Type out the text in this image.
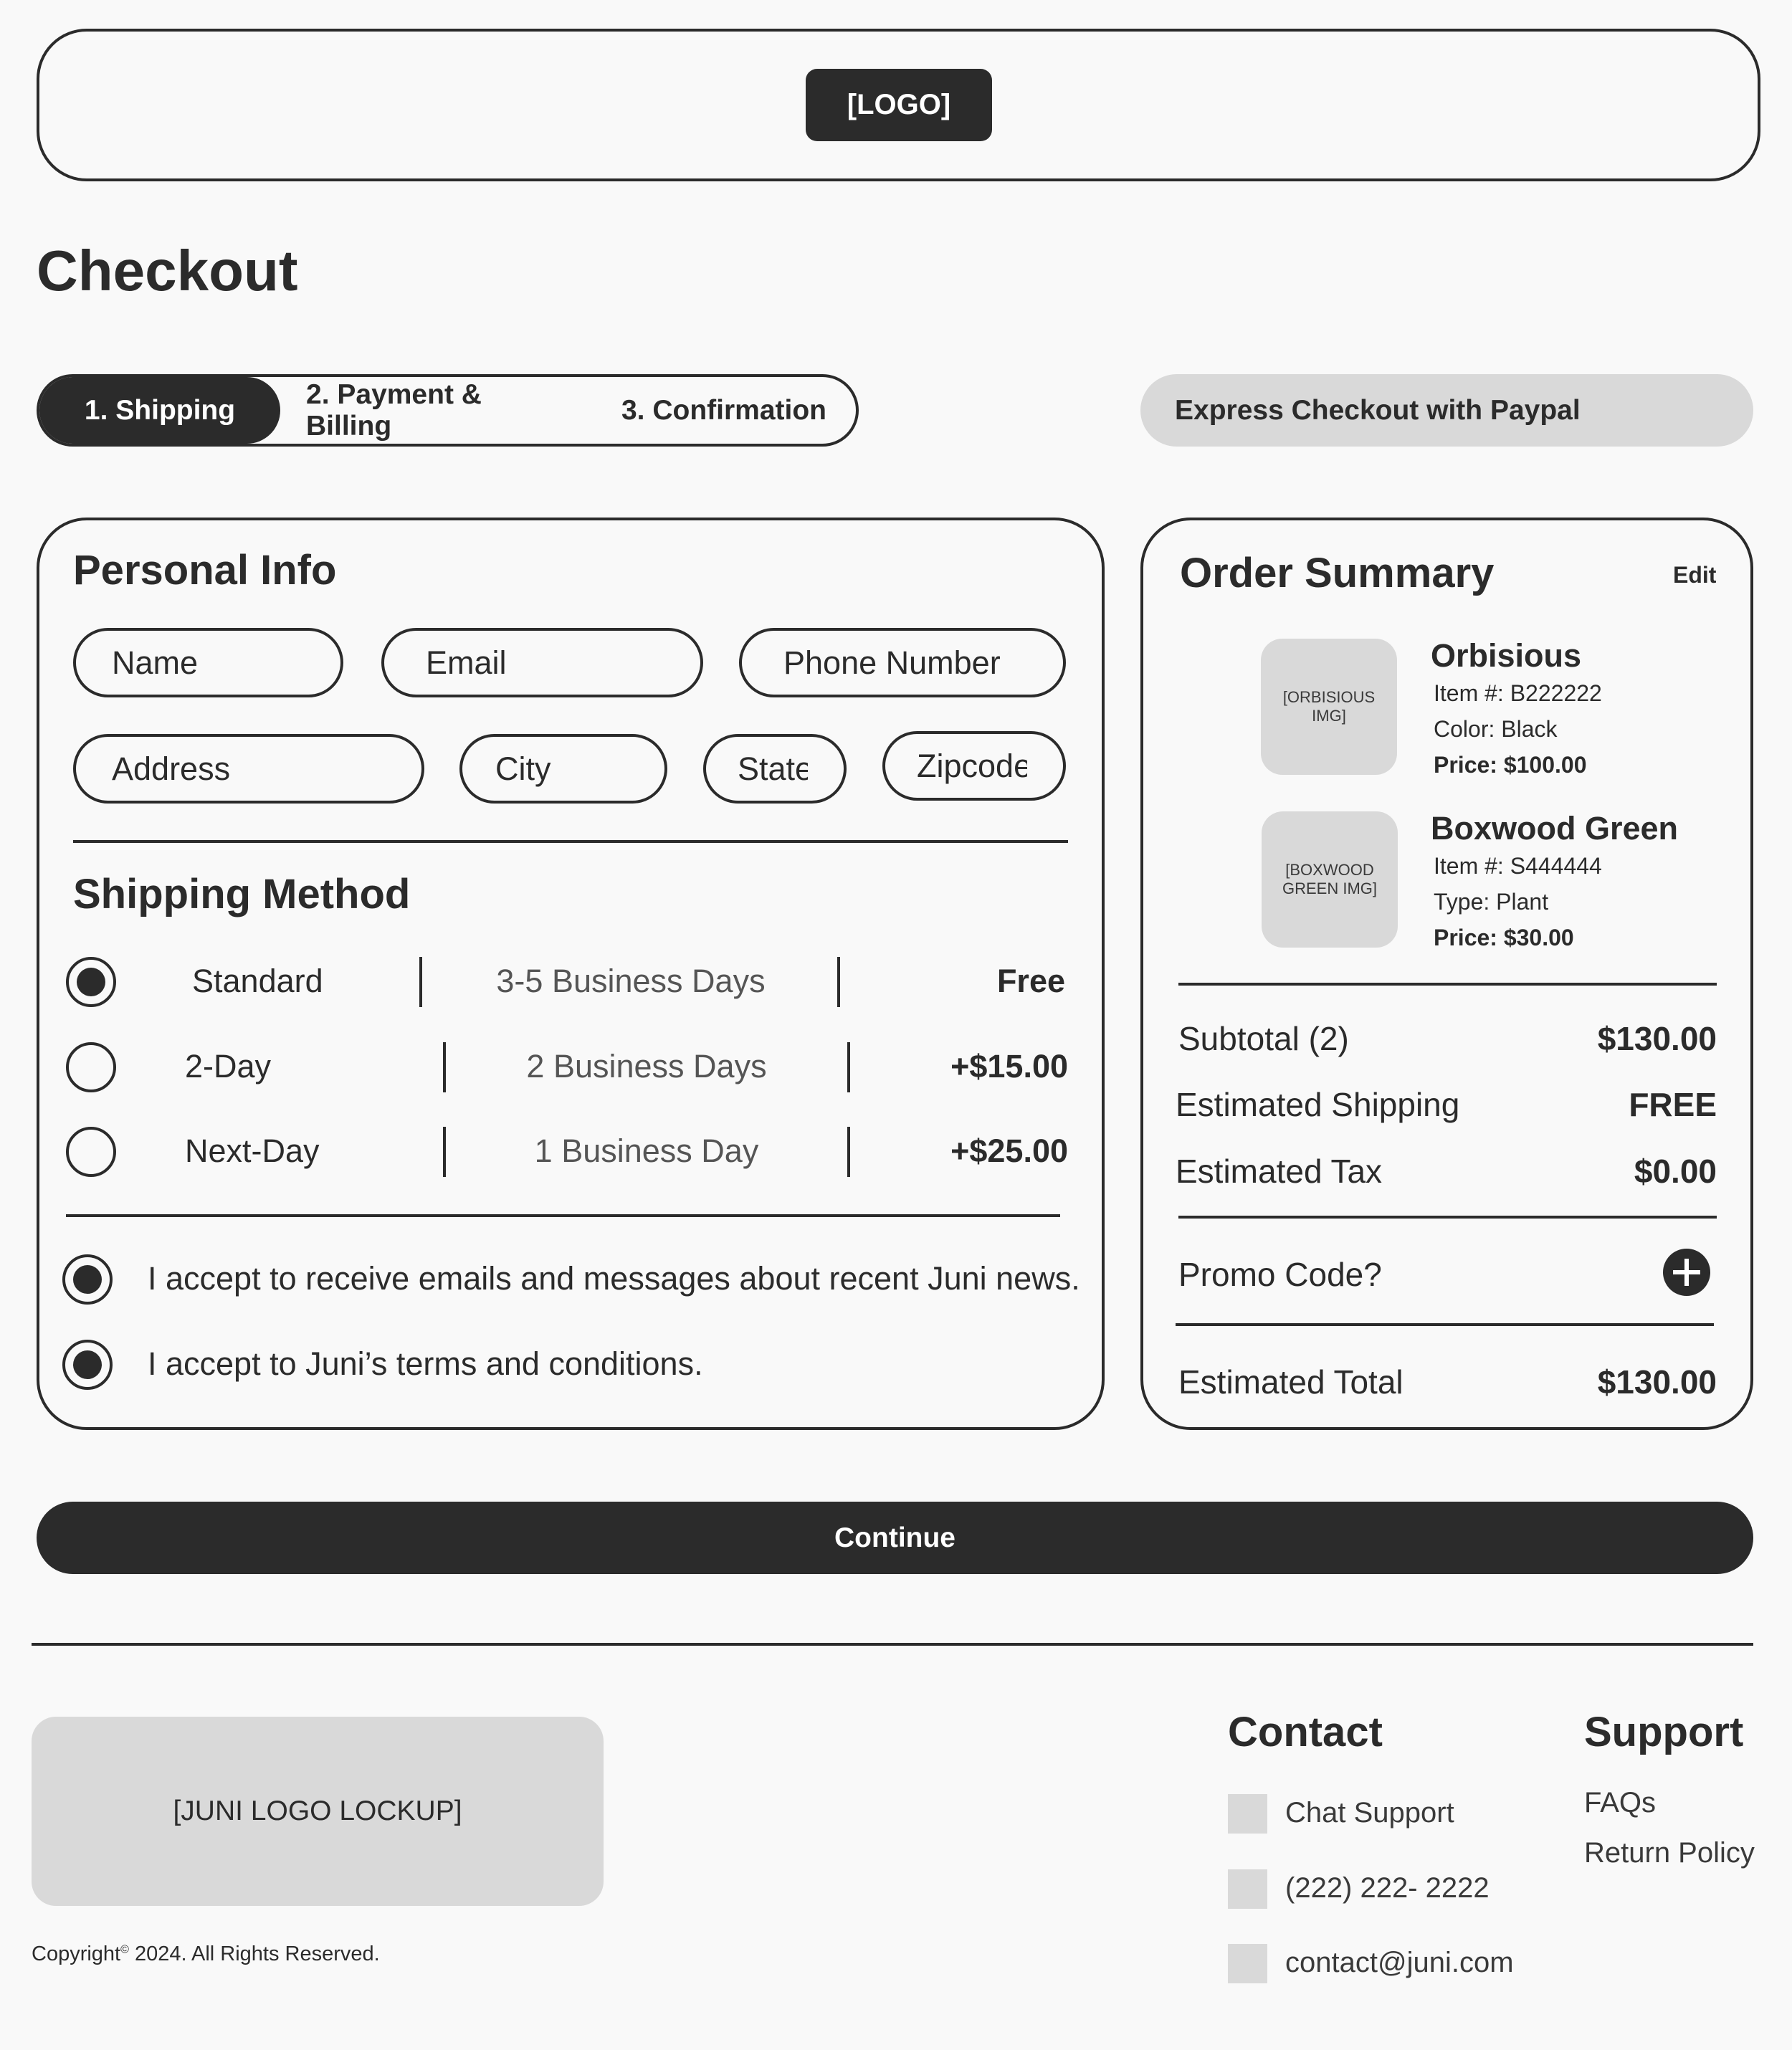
[LOGO]
Checkout
1. Shipping
2. Payment & Billing
3. Confirmation	Express Checkout with Paypal
Personal Info
Name
Email
Phone Number
Address
City
State
Zipcode
Shipping Method
Standard	3-5 Business Days	Free
2-Day	2 Business Days	+$15.00
Next-Day	1 Business Day	+$25.00
I accept to receive emails and messages about recent Juni news.
I accept to Juni’s terms and conditions.
Order Summary	Edit
[ORBISIOUS IMG]
Orbisious
Item #: B222222
Color: Black
Price: $100.00
[BOXWOOD GREEN IMG]
Boxwood Green
Item #: S444444
Type: Plant
Price: $30.00
Subtotal (2)	$130.00
Estimated Shipping	FREE
Estimated Tax	$0.00
Promo Code?
Estimated Total	$130.00
Continue
[JUNI LOGO LOCKUP]
Copyright© 2024. All Rights Reserved.
Contact
Chat Support
(222) 222- 2222
contact@juni.com
Support
FAQs
Return Policy
